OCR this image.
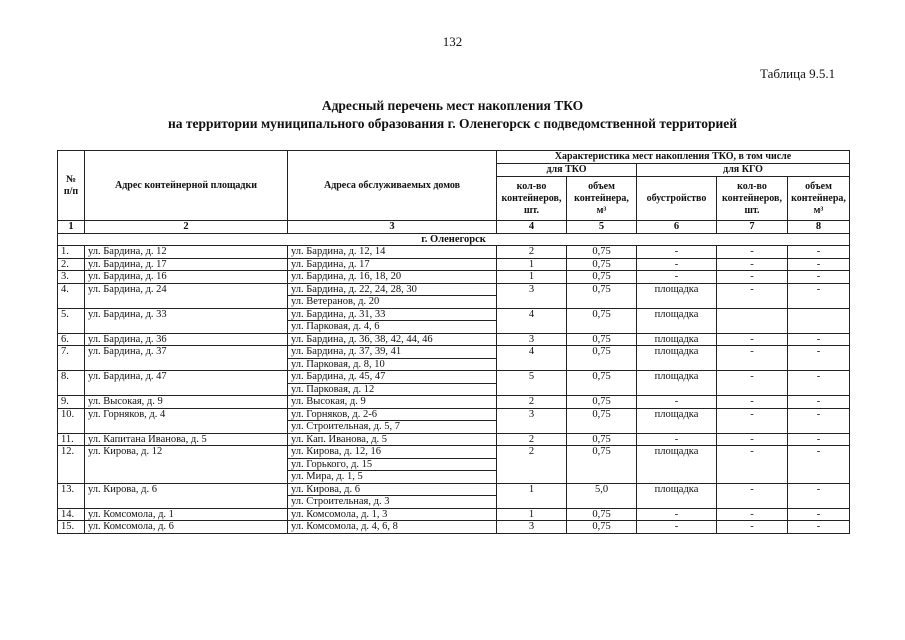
132
Таблица 9.5.1
Адресный перечень мест накопления ТКО
на территории муниципального образования г. Оленегорск с подведомственной территорией
№ п/п	Адрес контейнерной площадки	Адреса обслуживаемых домов	Характеристика мест накопления ТКО, в том числе				
			для ТКО		для КГО		
			кол-во контейнеров, шт.	объем контейнера, м³	обустройство	кол-во контейнеров, шт.	объем контейнера, м³
1	2	3	4	5	6	7	8
г. Оленегорск							
1.	ул. Бардина, д. 12	ул. Бардина, д. 12, 14	2	0,75	-	-	-
2.	ул. Бардина, д. 17	ул. Бардина, д. 17	1	0,75	-	-	-
3.	ул. Бардина, д. 16	ул. Бардина, д. 16, 18, 20	1	0,75	-	-	-
4.	ул. Бардина, д. 24	ул. Бардина, д. 22, 24, 28, 30	3	0,75	площадка	-	-
		ул. Ветеранов, д. 20					
5.	ул. Бардина, д. 33	ул. Бардина, д. 31, 33	4	0,75	площадка		
		ул. Парковая, д. 4, 6					
6.	ул. Бардина, д. 36	ул. Бардина, д. 36, 38, 42, 44, 46	3	0,75	площадка	-	-
7.	ул. Бардина, д. 37	ул. Бардина, д. 37, 39, 41	4	0,75	площадка	-	-
		ул. Парковая, д. 8, 10					
8.	ул. Бардина, д. 47	ул. Бардина, д. 45, 47	5	0,75	площадка	-	-
		ул. Парковая, д. 12					
9.	ул. Высокая, д. 9	ул. Высокая, д. 9	2	0,75	-	-	-
10.	ул. Горняков, д. 4	ул. Горняков, д. 2-6	3	0,75	площадка	-	-
		ул. Строительная, д. 5, 7					
11.	ул. Капитана Иванова, д. 5	ул. Кап. Иванова, д. 5	2	0,75	-	-	-
12.	ул. Кирова, д. 12	ул. Кирова, д. 12, 16	2	0,75	площадка	-	-
		ул. Горького, д. 15					
		ул. Мира, д. 1, 5					
13.	ул. Кирова, д. 6	ул. Кирова, д. 6	1	5,0	площадка	-	-
		ул. Строительная, д. 3					
14.	ул. Комсомола, д. 1	ул. Комсомола, д. 1, 3	1	0,75	-	-	-
15.	ул. Комсомола, д. 6	ул. Комсомола, д. 4, 6, 8	3	0,75	-	-	-
